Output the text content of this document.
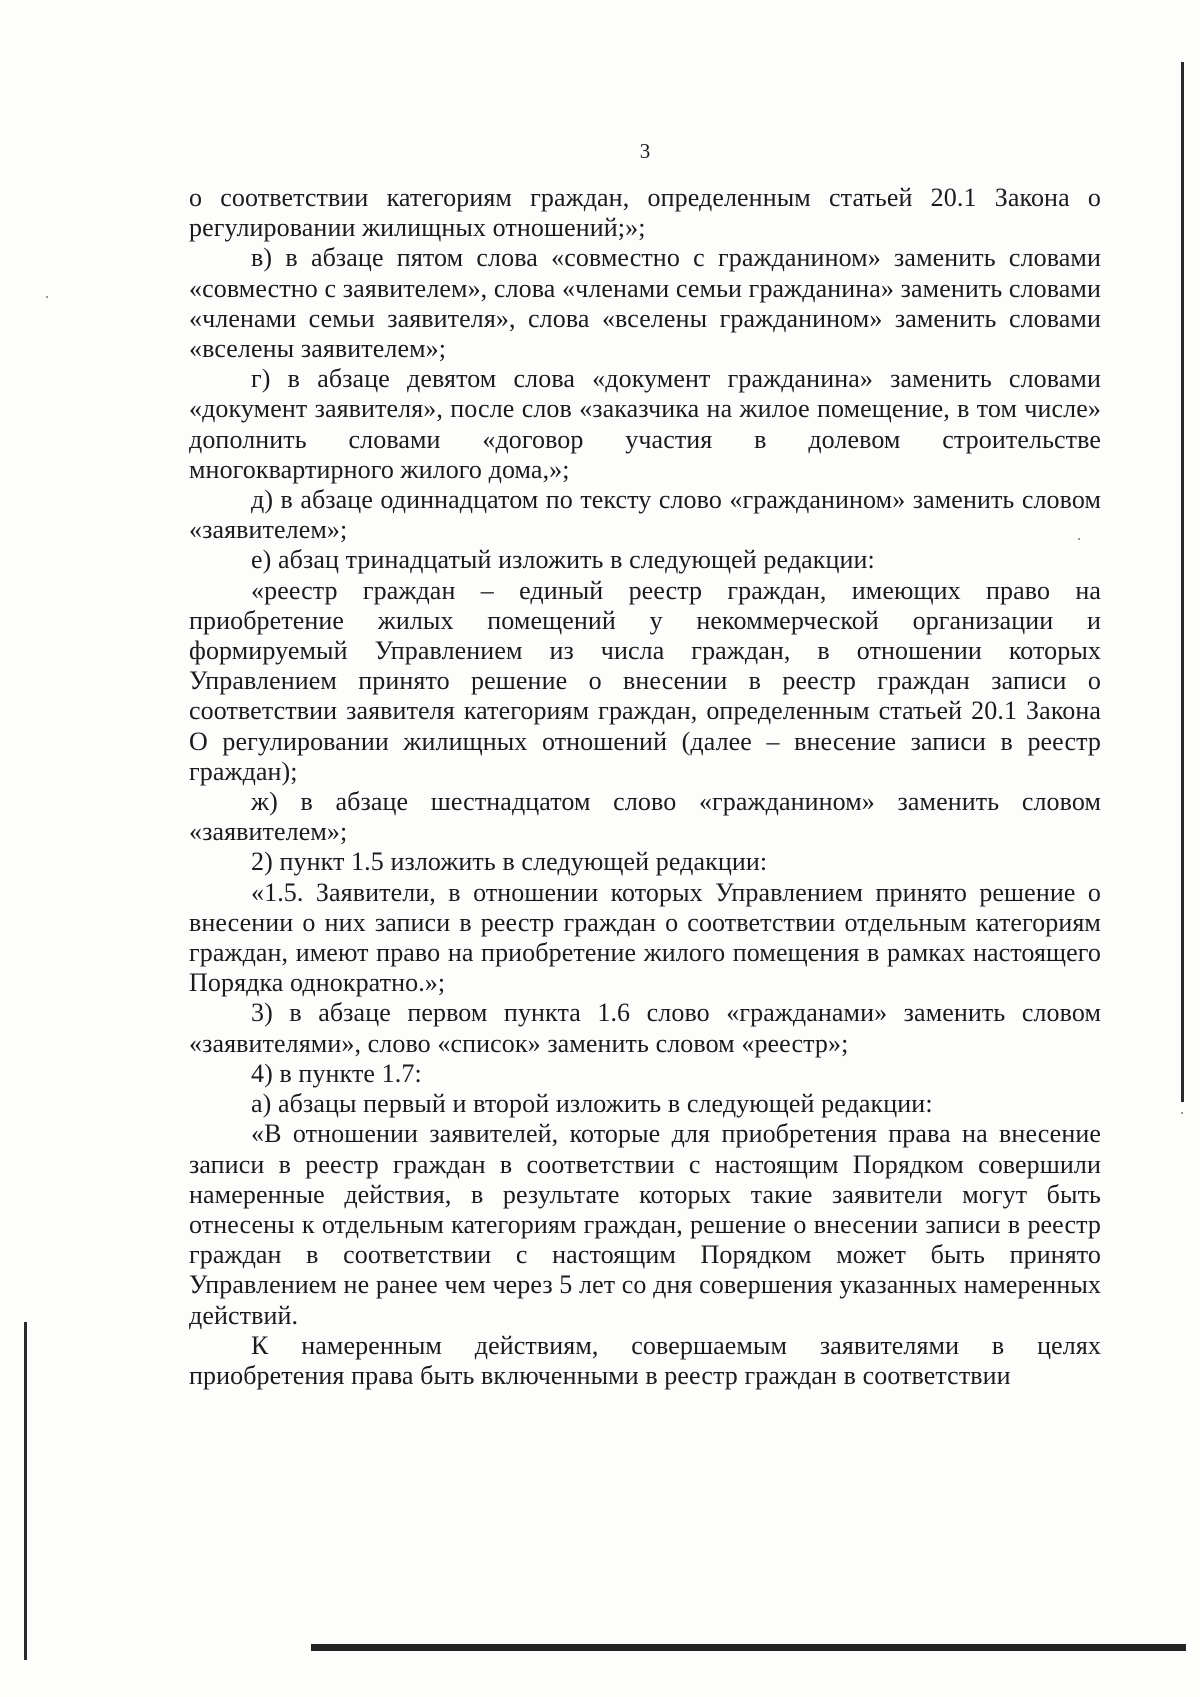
3

о соответствии категориям граждан, определенным статьей 20.1 Закона о регулировании жилищных отношений;»;

в) в абзаце пятом слова «совместно с гражданином» заменить словами «совместно с заявителем», слова «членами семьи гражданина» заменить словами «членами семьи заявителя», слова «вселены гражданином» заменить словами «вселены заявителем»;

г) в абзаце девятом слова «документ гражданина» заменить словами «документ заявителя», после слов «заказчика на жилое помещение, в том числе» дополнить словами «договор участия в долевом строительстве многоквартирного жилого дома,»;

д) в абзаце одиннадцатом по тексту слово «гражданином» заменить словом «заявителем»;

е) абзац тринадцатый изложить в следующей редакции:

«реестр граждан – единый реестр граждан, имеющих право на приобретение жилых помещений у некоммерческой организации и формируемый Управлением из числа граждан, в отношении которых Управлением принято решение о внесении в реестр граждан записи о соответствии заявителя категориям граждан, определенным статьей 20.1 Закона О регулировании жилищных отношений (далее – внесение записи в реестр граждан);

ж) в абзаце шестнадцатом слово «гражданином» заменить словом «заявителем»;

2) пункт 1.5 изложить в следующей редакции:

«1.5. Заявители, в отношении которых Управлением принято решение о внесении о них записи в реестр граждан о соответствии отдельным категориям граждан, имеют право на приобретение жилого помещения в рамках настоящего Порядка однократно.»;

3) в абзаце первом пункта 1.6 слово «гражданами» заменить словом «заявителями», слово «список» заменить словом «реестр»;

4) в пункте 1.7:

а) абзацы первый и второй изложить в следующей редакции:

«В отношении заявителей, которые для приобретения права на внесение записи в реестр граждан в соответствии с настоящим Порядком совершили намеренные действия, в результате которых такие заявители могут быть отнесены к отдельным категориям граждан, решение о внесении записи в реестр граждан в соответствии с настоящим Порядком может быть принято Управлением не ранее чем через 5 лет со дня совершения указанных намеренных действий.

К намеренным действиям, совершаемым заявителями в целях приобретения права быть включенными в реестр граждан в соответствии
